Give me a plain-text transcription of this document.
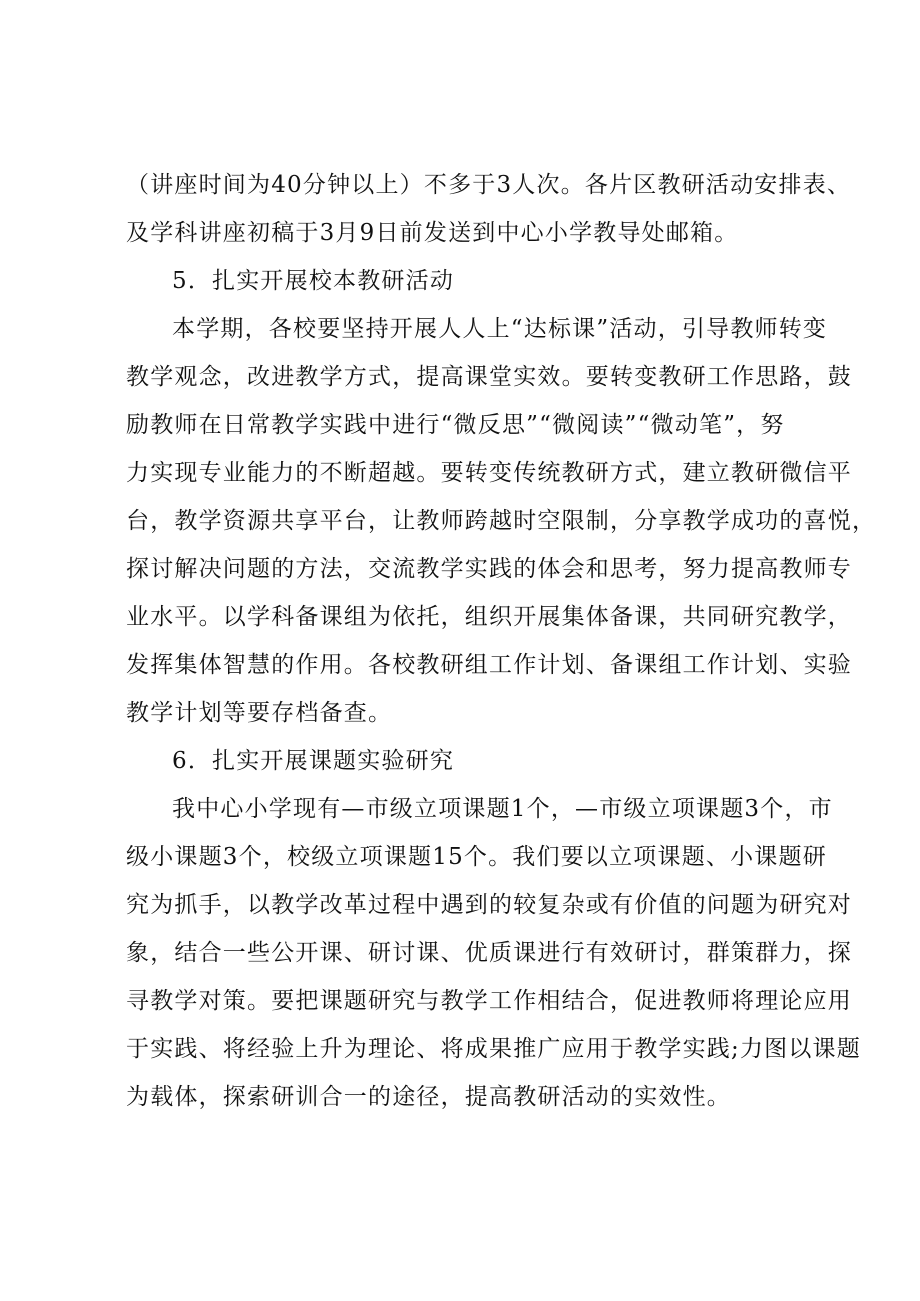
（讲座时间为40分钟以上）不多于3人次。各片区教研活动安排表、
及学科讲座初稿于3月9日前发送到中心小学教导处邮箱。
5．扎实开展校本教研活动
本学期，各校要坚持开展人人上“达标课”活动，引导教师转变
教学观念，改进教学方式，提高课堂实效。要转变教研工作思路，鼓
励教师在日常教学实践中进行“微反思”“微阅读”“微动笔”，努
力实现专业能力的不断超越。要转变传统教研方式，建立教研微信平
台，教学资源共享平台，让教师跨越时空限制，分享教学成功的喜悦，
探讨解决问题的方法，交流教学实践的体会和思考，努力提高教师专
业水平。以学科备课组为依托，组织开展集体备课，共同研究教学，
发挥集体智慧的作用。各校教研组工作计划、备课组工作计划、实验
教学计划等要存档备查。
6．扎实开展课题实验研究
我中心小学现有—市级立项课题1个，—市级立项课题3个，市
级小课题3个，校级立项课题15个。我们要以立项课题、小课题研
究为抓手，以教学改革过程中遇到的较复杂或有价值的问题为研究对
象，结合一些公开课、研讨课、优质课进行有效研讨，群策群力，探
寻教学对策。要把课题研究与教学工作相结合，促进教师将理论应用
于实践、将经验上升为理论、将成果推广应用于教学实践;力图以课题
为载体，探索研训合一的途径，提高教研活动的实效性。
